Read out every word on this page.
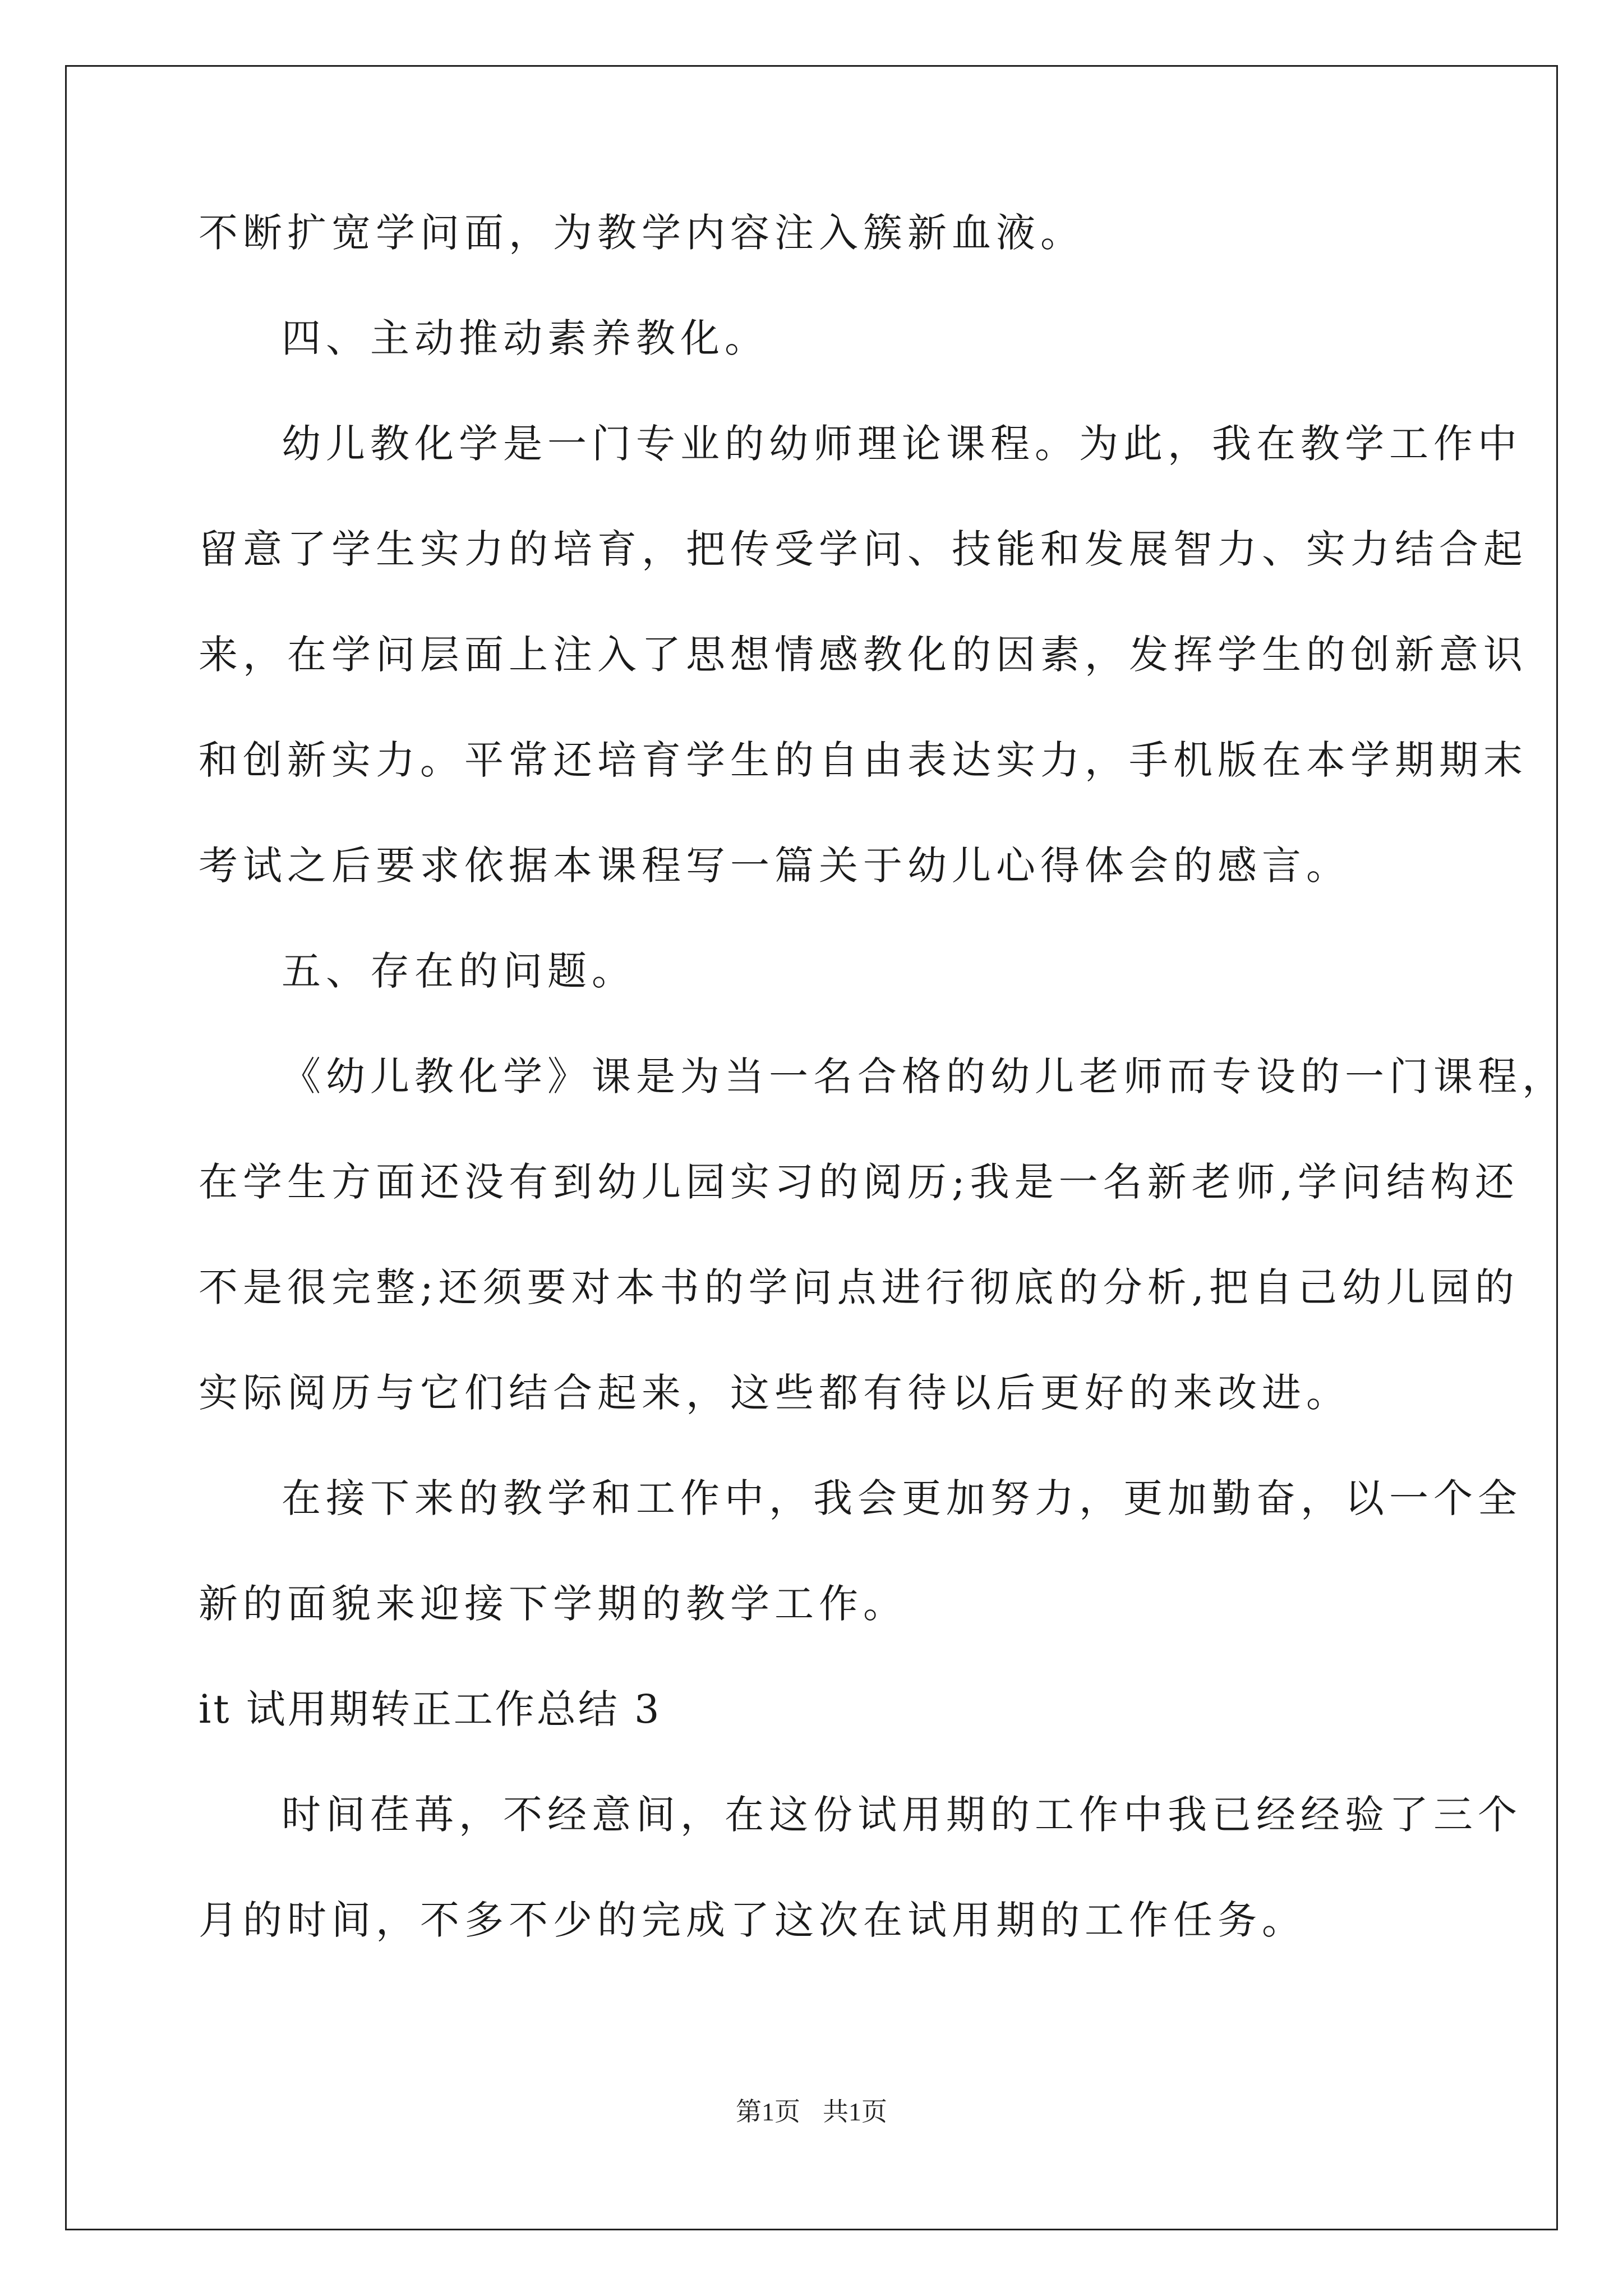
不断扩宽学问面，为教学内容注入簇新血液。
四、主动推动素养教化。
幼儿教化学是一门专业的幼师理论课程。为此，我在教学工作中
留意了学生实力的培育，把传受学问、技能和发展智力、实力结合起
来，在学问层面上注入了思想情感教化的因素，发挥学生的创新意识
和创新实力。平常还培育学生的自由表达实力，手机版在本学期期末
考试之后要求依据本课程写一篇关于幼儿心得体会的感言。
五、存在的问题。
《幼儿教化学》课是为当一名合格的幼儿老师而专设的一门课程，
在学生方面还没有到幼儿园实习的阅历;我是一名新老师,学问结构还
不是很完整;还须要对本书的学问点进行彻底的分析,把自己幼儿园的
实际阅历与它们结合起来，这些都有待以后更好的来改进。
在接下来的教学和工作中，我会更加努力，更加勤奋，以一个全
新的面貌来迎接下学期的教学工作。
it 试用期转正工作总结 3
时间荏苒，不经意间，在这份试用期的工作中我已经经验了三个
月的时间，不多不少的完成了这次在试用期的工作任务。
第1页 共1页
